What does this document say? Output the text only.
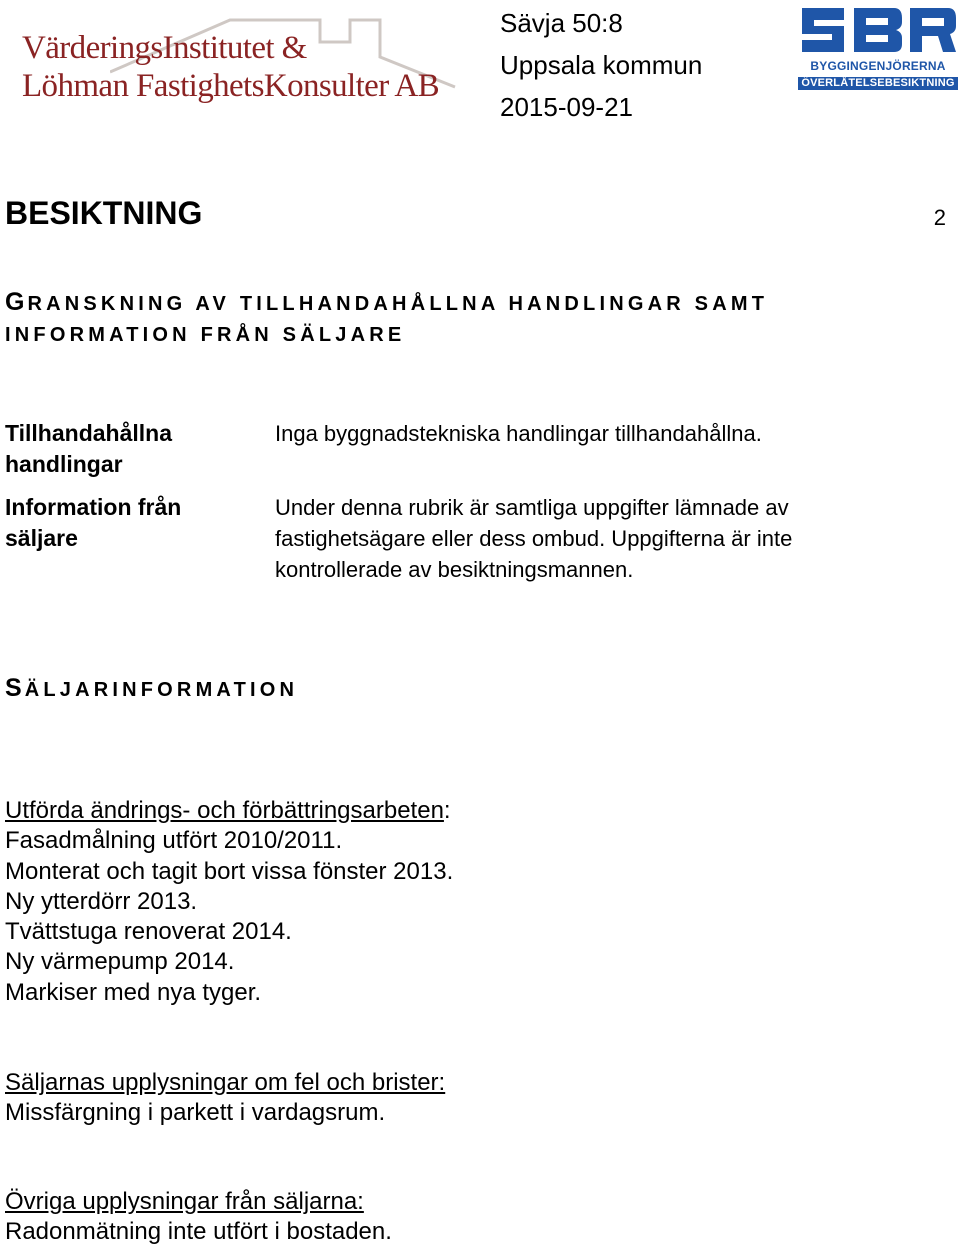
VärderingsInstitutet &
Löhman FastighetsKonsulter AB
Sävja 50:8
Uppsala kommun
2015-09-21
BYGGINGENJÖRERNA
ÖVERLÅTELSEBESIKTNING
BESIKTNING	2
GRANSKNING AV TILLHANDAHÅLLNA HANDLINGAR SAMT
INFORMATION FRÅN SÄLJARE
Tillhandahållna handlingar
Inga byggnadstekniska handlingar tillhandahållna.
Information från säljare
Under denna rubrik är samtliga uppgifter lämnade av fastighetsägare eller dess ombud. Uppgifterna är inte kontrollerade av besiktningsmannen.
SÄLJARINFORMATION
Utförda ändrings- och förbättringsarbeten:
Fasadmålning utfört 2010/2011.
Monterat och tagit bort vissa fönster 2013.
Ny ytterdörr 2013.
Tvättstuga renoverat 2014.
Ny värmepump 2014.
Markiser med nya tyger.
Säljarnas upplysningar om fel och brister:
Missfärgning i parkett i vardagsrum.
Övriga upplysningar från säljarna:
Radonmätning inte utfört i bostaden.
